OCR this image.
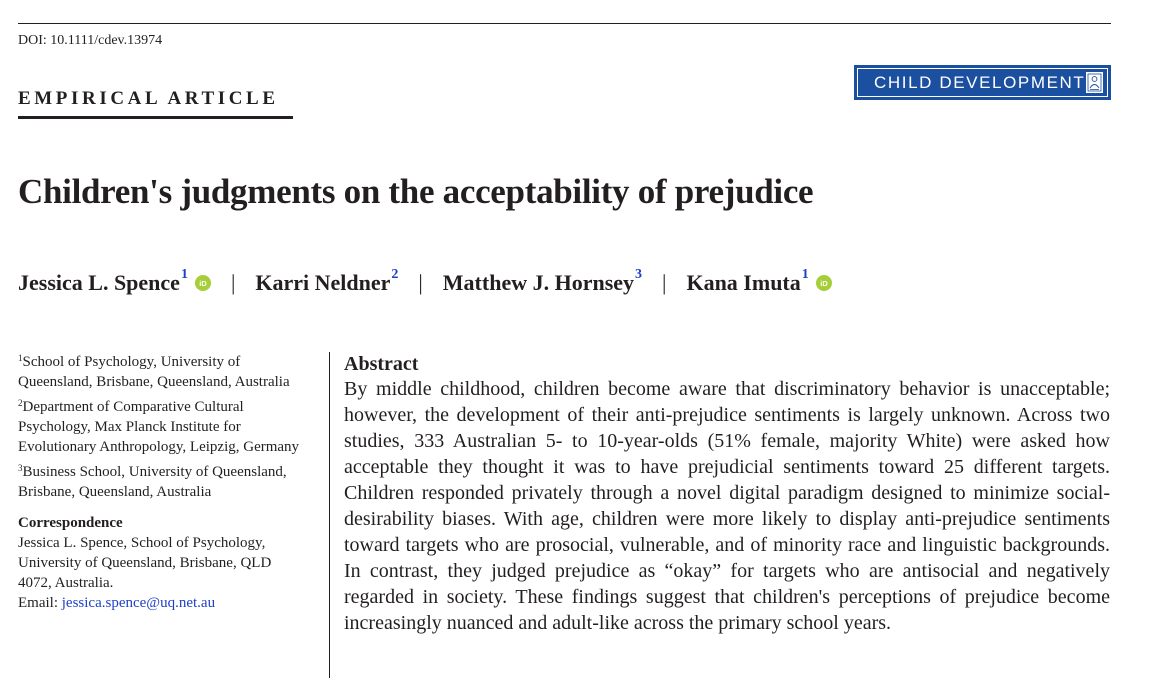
DOI: 10.1111/cdev.13974
EMPIRICAL ARTICLE
CHILD DEVELOPMENT
Children's judgments on the acceptability of prejudice
Jessica L. Spence$^1$
iD | Karri Neldner$^2$ | Matthew J. Hornsey$^3$ | Kana Imuta$^1$
iD
$^1$School of Psychology, University of Queensland, Brisbane, Queensland, Australia
$^2$Department of Comparative Cultural Psychology, Max Planck Institute for Evolutionary Anthropology, Leipzig, Germany
$^3$Business School, University of Queensland, Brisbane, Queensland, Australia
Correspondence
Jessica L. Spence, School of Psychology, University of Queensland, Brisbane, QLD 4072, Australia.
Email: jessica.spence@uq.net.au
Abstract

By middle childhood, children become aware that discriminatory behavior is unacceptable; however, the development of their anti-prejudice sentiments is largely unknown. Across two studies, 333 Australian 5- to 10-year-olds (51% female, majority White) were asked how acceptable they thought it was to have prejudicial sentiments toward 25 different targets. Children responded privately through a novel digital paradigm designed to minimize social-desirability biases. With age, children were more likely to display anti-prejudice sentiments toward targets who are prosocial, vulnerable, and of minority race and linguistic backgrounds. In contrast, they judged prejudice as “okay” for targets who are antisocial and negatively regarded in society. These findings suggest that children's perceptions of prejudice become increasingly nuanced and adult-like across the primary school years.
